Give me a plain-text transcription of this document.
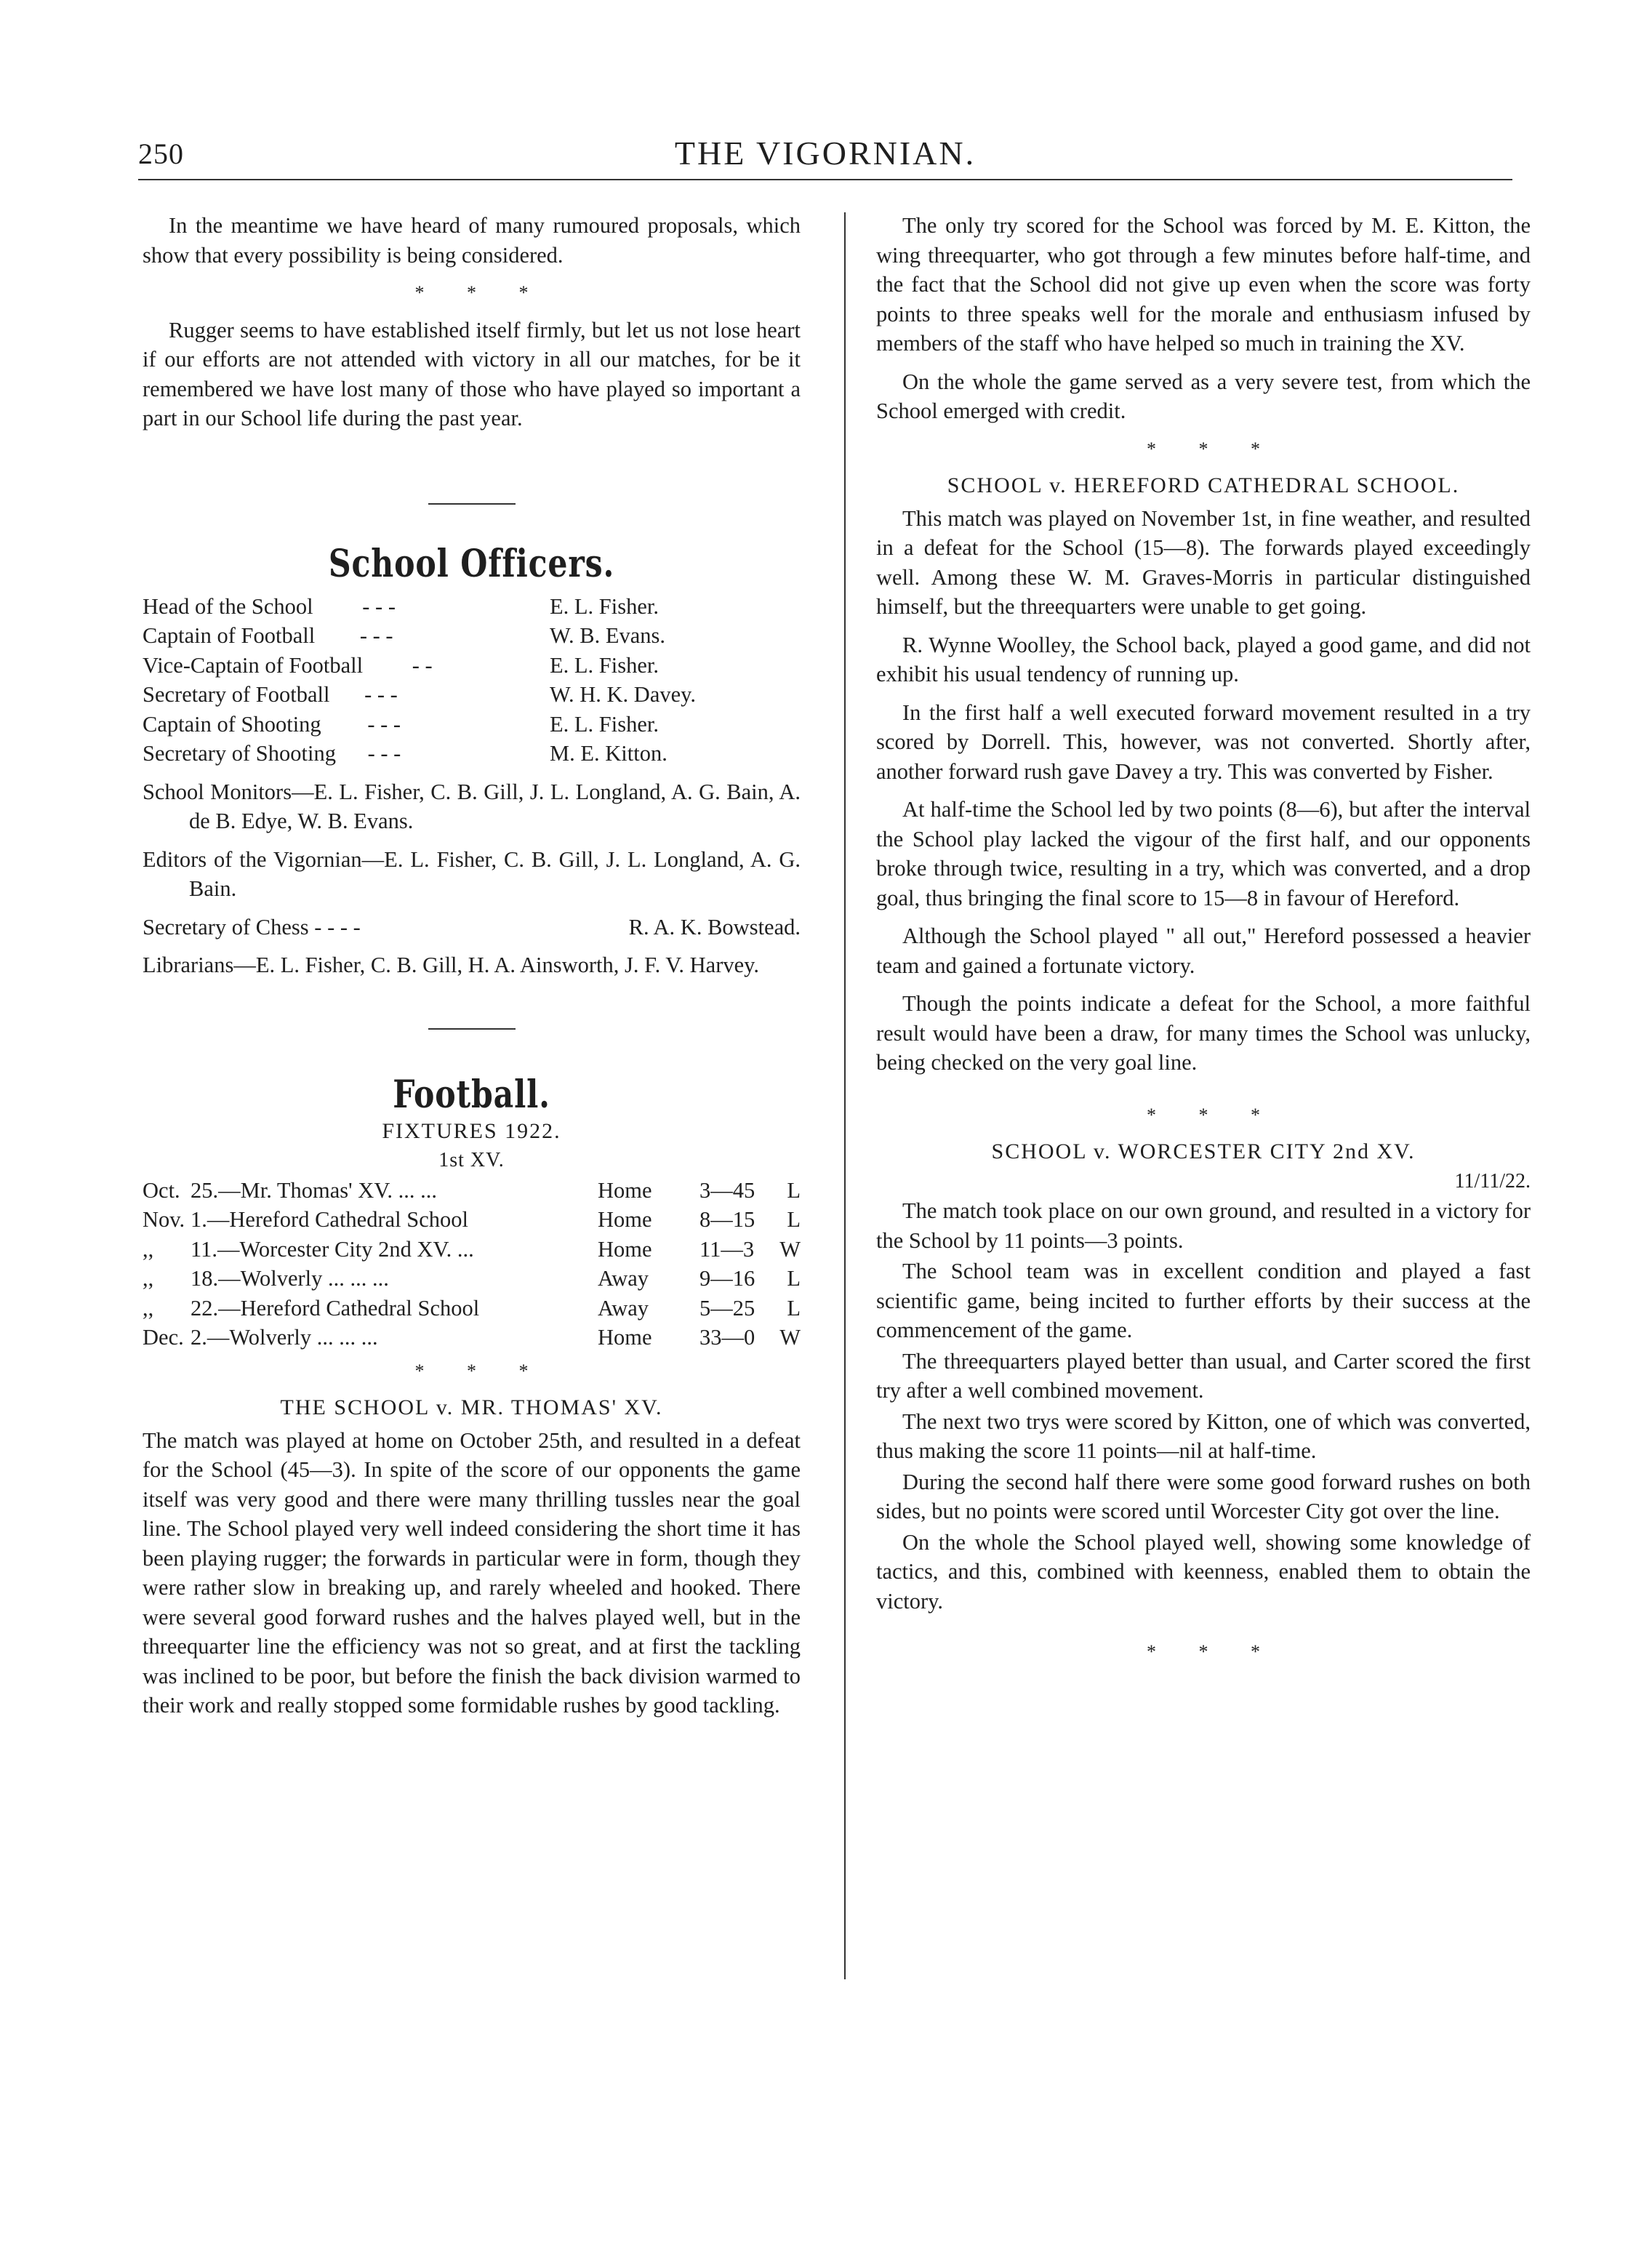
250	THE VIGORNIAN.

In the meantime we have heard of many rumoured proposals, which show that every possibility is being considered.

* * *

Rugger seems to have established itself firmly, but let us not lose heart if our efforts are not attended with victory in all our matches, for be it remembered we have lost many of those who have played so important a part in our School life during the past year.

School Officers.
Head of the School - - -	E. L. Fisher.
Captain of Football - - -	W. B. Evans.
Vice-Captain of Football - -	E. L. Fisher.
Secretary of Football - - -	W. H. K. Davey.
Captain of Shooting - - -	E. L. Fisher.
Secretary of Shooting - - -	M. E. Kitton.
School Monitors—E. L. Fisher, C. B. Gill, J. L. Longland, A. G. Bain, A. de B. Edye, W. B. Evans.
Editors of the Vigornian—E. L. Fisher, C. B. Gill, J. L. Longland, A. G. Bain.
Secretary of Chess - - - -	R. A. K. Bowstead.
Librarians—E. L. Fisher, C. B. Gill, H. A. Ainsworth, J. F. V. Harvey.
Football.
FIXTURES 1922.
1st XV.
Oct.	25.—Mr. Thomas' XV. ... ...	Home	3—45	L
Nov.	1.—Hereford Cathedral School	Home	8—15	L
,,	11.—Worcester City 2nd XV. ...	Home	11—3	W
,,	18.—Wolverly ... ... ...	Away	9—16	L
,,	22.—Hereford Cathedral School	Away	5—25	L
Dec.	2.—Wolverly ... ... ...	Home	33—0	W
* * *
THE SCHOOL v. MR. THOMAS' XV.

The match was played at home on October 25th, and resulted in a defeat for the School (45—3). In spite of the score of our opponents the game itself was very good and there were many thrilling tussles near the goal line. The School played very well indeed considering the short time it has been playing rugger; the forwards in particular were in form, though they were rather slow in breaking up, and rarely wheeled and hooked. There were several good forward rushes and the halves played well, but in the threequarter line the efficiency was not so great, and at first the tackling was inclined to be poor, but before the finish the back division warmed to their work and really stopped some formidable rushes by good tackling.

The only try scored for the School was forced by M. E. Kitton, the wing threequarter, who got through a few minutes before half-time, and the fact that the School did not give up even when the score was forty points to three speaks well for the morale and enthusiasm infused by members of the staff who have helped so much in training the XV.

On the whole the game served as a very severe test, from which the School emerged with credit.

* * *
SCHOOL v. HEREFORD CATHEDRAL SCHOOL.

This match was played on November 1st, in fine weather, and resulted in a defeat for the School (15—8). The forwards played exceedingly well. Among these W. M. Graves-Morris in particular distinguished himself, but the threequarters were unable to get going.

R. Wynne Woolley, the School back, played a good game, and did not exhibit his usual tendency of running up.

In the first half a well executed forward movement resulted in a try scored by Dorrell. This, however, was not converted. Shortly after, another forward rush gave Davey a try. This was converted by Fisher.

At half-time the School led by two points (8—6), but after the interval the School play lacked the vigour of the first half, and our opponents broke through twice, resulting in a try, which was converted, and a drop goal, thus bringing the final score to 15—8 in favour of Hereford.

Although the School played " all out," Hereford possessed a heavier team and gained a fortunate victory.

Though the points indicate a defeat for the School, a more faithful result would have been a draw, for many times the School was unlucky, being checked on the very goal line.

* * *
SCHOOL v. WORCESTER CITY 2nd XV.
11/11/22.

The match took place on our own ground, and resulted in a victory for the School by 11 points—3 points.

The School team was in excellent condition and played a fast scientific game, being incited to further efforts by their success at the commencement of the game.

The threequarters played better than usual, and Carter scored the first try after a well combined movement.

The next two trys were scored by Kitton, one of which was converted, thus making the score 11 points—nil at half-time.

During the second half there were some good forward rushes on both sides, but no points were scored until Worcester City got over the line.

On the whole the School played well, showing some knowledge of tactics, and this, combined with keenness, enabled them to obtain the victory.

* * *
